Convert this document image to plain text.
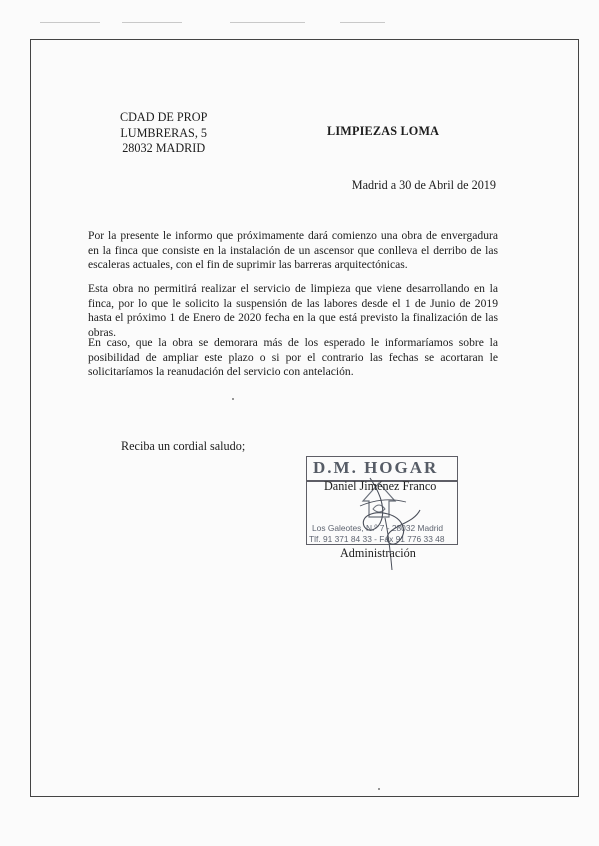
CDAD DE PROP
LUMBRERAS, 5
28032 MADRID
LIMPIEZAS LOMA
Madrid a 30 de Abril de 2019
Por la presente le informo que próximamente dará comienzo una obra de envergadura en la finca que consiste en la instalación de un ascensor que conlleva el derribo de las escaleras actuales, con el fin de suprimir las barreras arquitectónicas.
Esta obra no permitirá realizar el servicio de limpieza que viene desarrollando en la finca, por lo que le solicito la suspensión de las labores desde el 1 de Junio de 2019 hasta el próximo 1 de Enero de 2020 fecha en la que está previsto la finalización de las obras.
En caso, que la obra se demorara más de los esperado le informaríamos sobre la posibilidad de ampliar este plazo o si por el contrario las fechas se acortaran le solicitaríamos la reanudación del servicio con antelación.
Reciba un cordial saludo;
D.M. HOGAR
Los Galeotes, N.º 7 - 28032 Madrid
Tlf. 91 371 84 33 - Fax 91 776 33 48
Daniel Jiménez Franco
Administración
